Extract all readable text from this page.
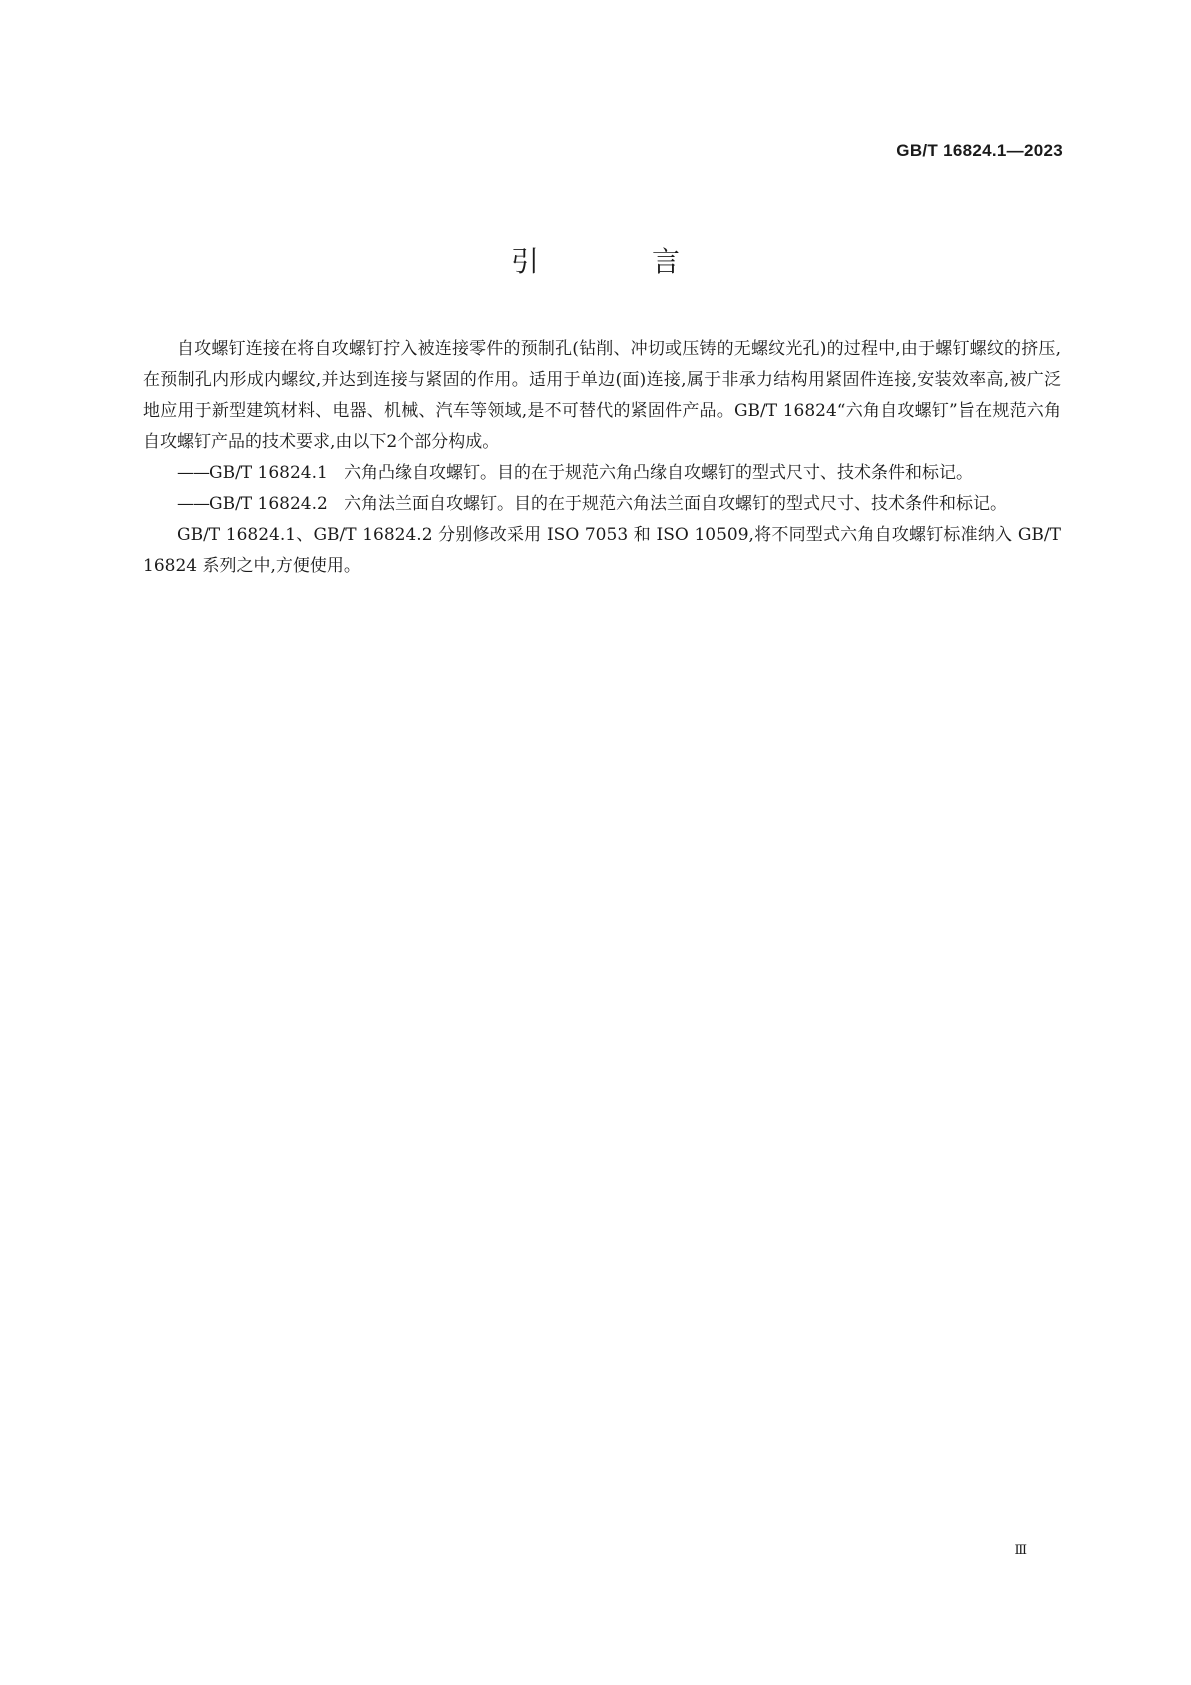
GB/T 16824.1—2023
引 言

自攻螺钉连接在将自攻螺钉拧入被连接零件的预制孔(钻削、冲切或压铸的无螺纹光孔)的过程中,由于螺钉螺纹的挤压,在预制孔内形成内螺纹,并达到连接与紧固的作用。适用于单边(面)连接,属于非承力结构用紧固件连接,安装效率高,被广泛地应用于新型建筑材料、电器、机械、汽车等领域,是不可替代的紧固件产品。GB/T 16824“六角自攻螺钉”旨在规范六角自攻螺钉产品的技术要求,由以下2个部分构成。

——GB/T 16824.1 六角凸缘自攻螺钉。目的在于规范六角凸缘自攻螺钉的型式尺寸、技术条件和标记。

——GB/T 16824.2 六角法兰面自攻螺钉。目的在于规范六角法兰面自攻螺钉的型式尺寸、技术条件和标记。

GB/T 16824.1、GB/T 16824.2 分别修改采用 ISO 7053 和 ISO 10509,将不同型式六角自攻螺钉标准纳入 GB/T 16824 系列之中,方便使用。

Ⅲ
